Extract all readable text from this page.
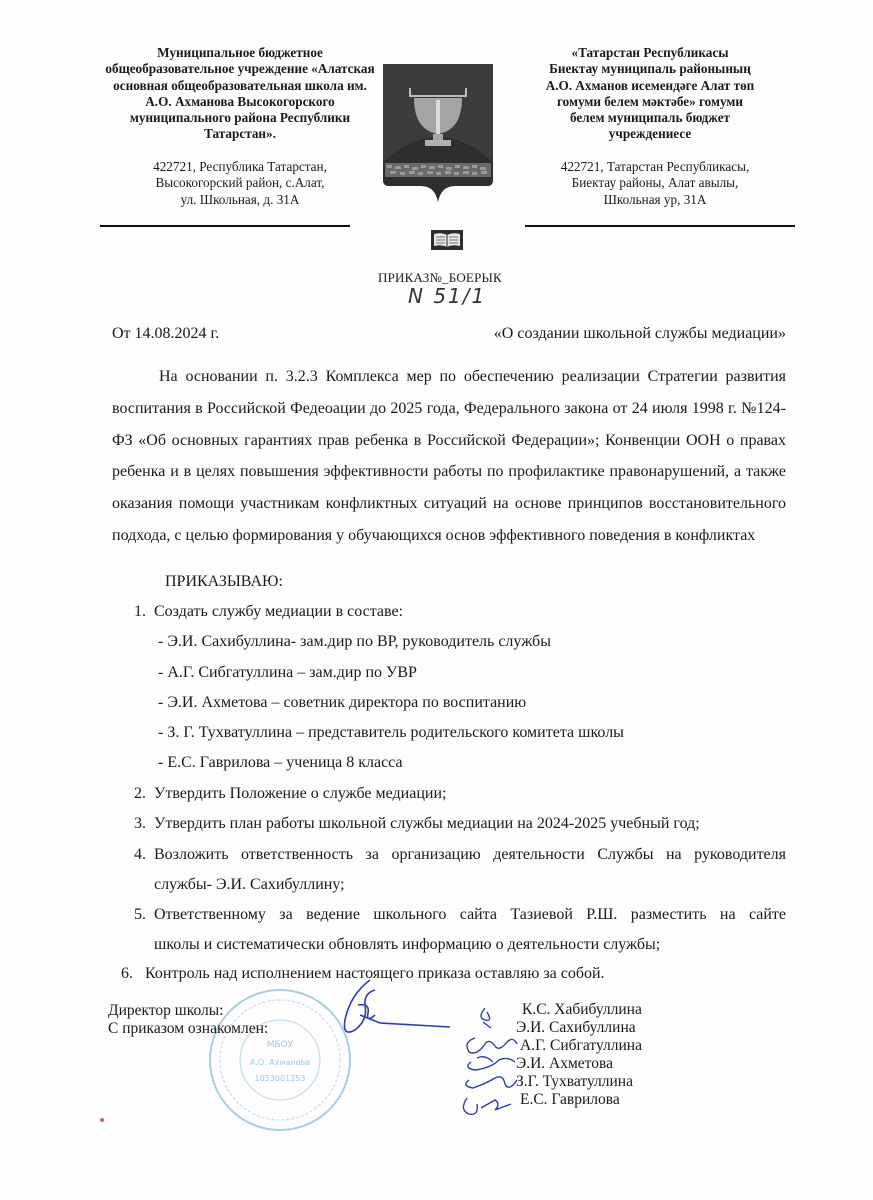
Муниципальное бюджетное
общеобразовательное учреждение «Алатская
основная общеобразовательная школа им.
А.О. Ахманова Высокогорского
муниципального района Республики
Татарстан».
422721, Республика Татарстан,
Высокогорский район, с.Алат,
ул. Школьная, д. 31А
«Татарстан Республикасы
Биектау муниципаль районының
А.О. Ахманов исемендәге Алат төп
гомуми белем мәктәбе» гомуми
белем муниципаль бюджет
учреждениесе
422721, Татарстан Республикасы,
Биектау районы, Алат авылы,
Школьная ур, 31А
ПРИКАЗ№_БОЕРЫК
N 51/1
От 14.08.2024 г.	«О создании школьной службы медиации»
На основании п. 3.2.3 Комплекса мер по обеспечению реализации Стратегии развития воспитания в Российской Федеоации до 2025 года, Федерального закона от 24 июля 1998 г. №124-ФЗ «Об основных гарантиях прав ребенка в Российской Федерации»; Конвенции ООН о правах ребенка и в целях повышения эффективности работы по профилактике правонарушений, а также оказания помощи участникам конфликтных ситуаций на основе принципов восстановительного подхода, с целью формирования у обучающихся основ эффективного поведения в конфликтах
ПРИКАЗЫВАЮ:
1. Создать службу медиации в составе:
- Э.И. Сахибуллина- зам.дир по ВР, руководитель службы
- А.Г. Сибгатуллина – зам.дир по УВР
- Э.И. Ахметова – советник директора по воспитанию
- З. Г. Тухватуллина – представитель родительского комитета школы
- Е.С. Гаврилова – ученица 8 класса
2. Утвердить Положение о службе медиации;
3. Утвердить план работы школьной службы медиации на 2024-2025 учебный год;
4. Возложить ответственность за организацию деятельности Службы на руководителя
службы- Э.И. Сахибуллину;
5. Ответственному за ведение школьного сайта Тазиевой Р.Ш. разместить на сайте
школы и систематически обновлять информацию о деятельности службы;
6. Контроль над исполнением настоящего приказа оставляю за собой.
МБОУ
А.О. Ахманова
1053001353
Директор школы:
С приказом ознакомлен:
К.С. Хабибуллина
Э.И. Сахибуллина
А.Г. Сибгатуллина
Э.И. Ахметова
З.Г. Тухватуллина
Е.С. Гаврилова
